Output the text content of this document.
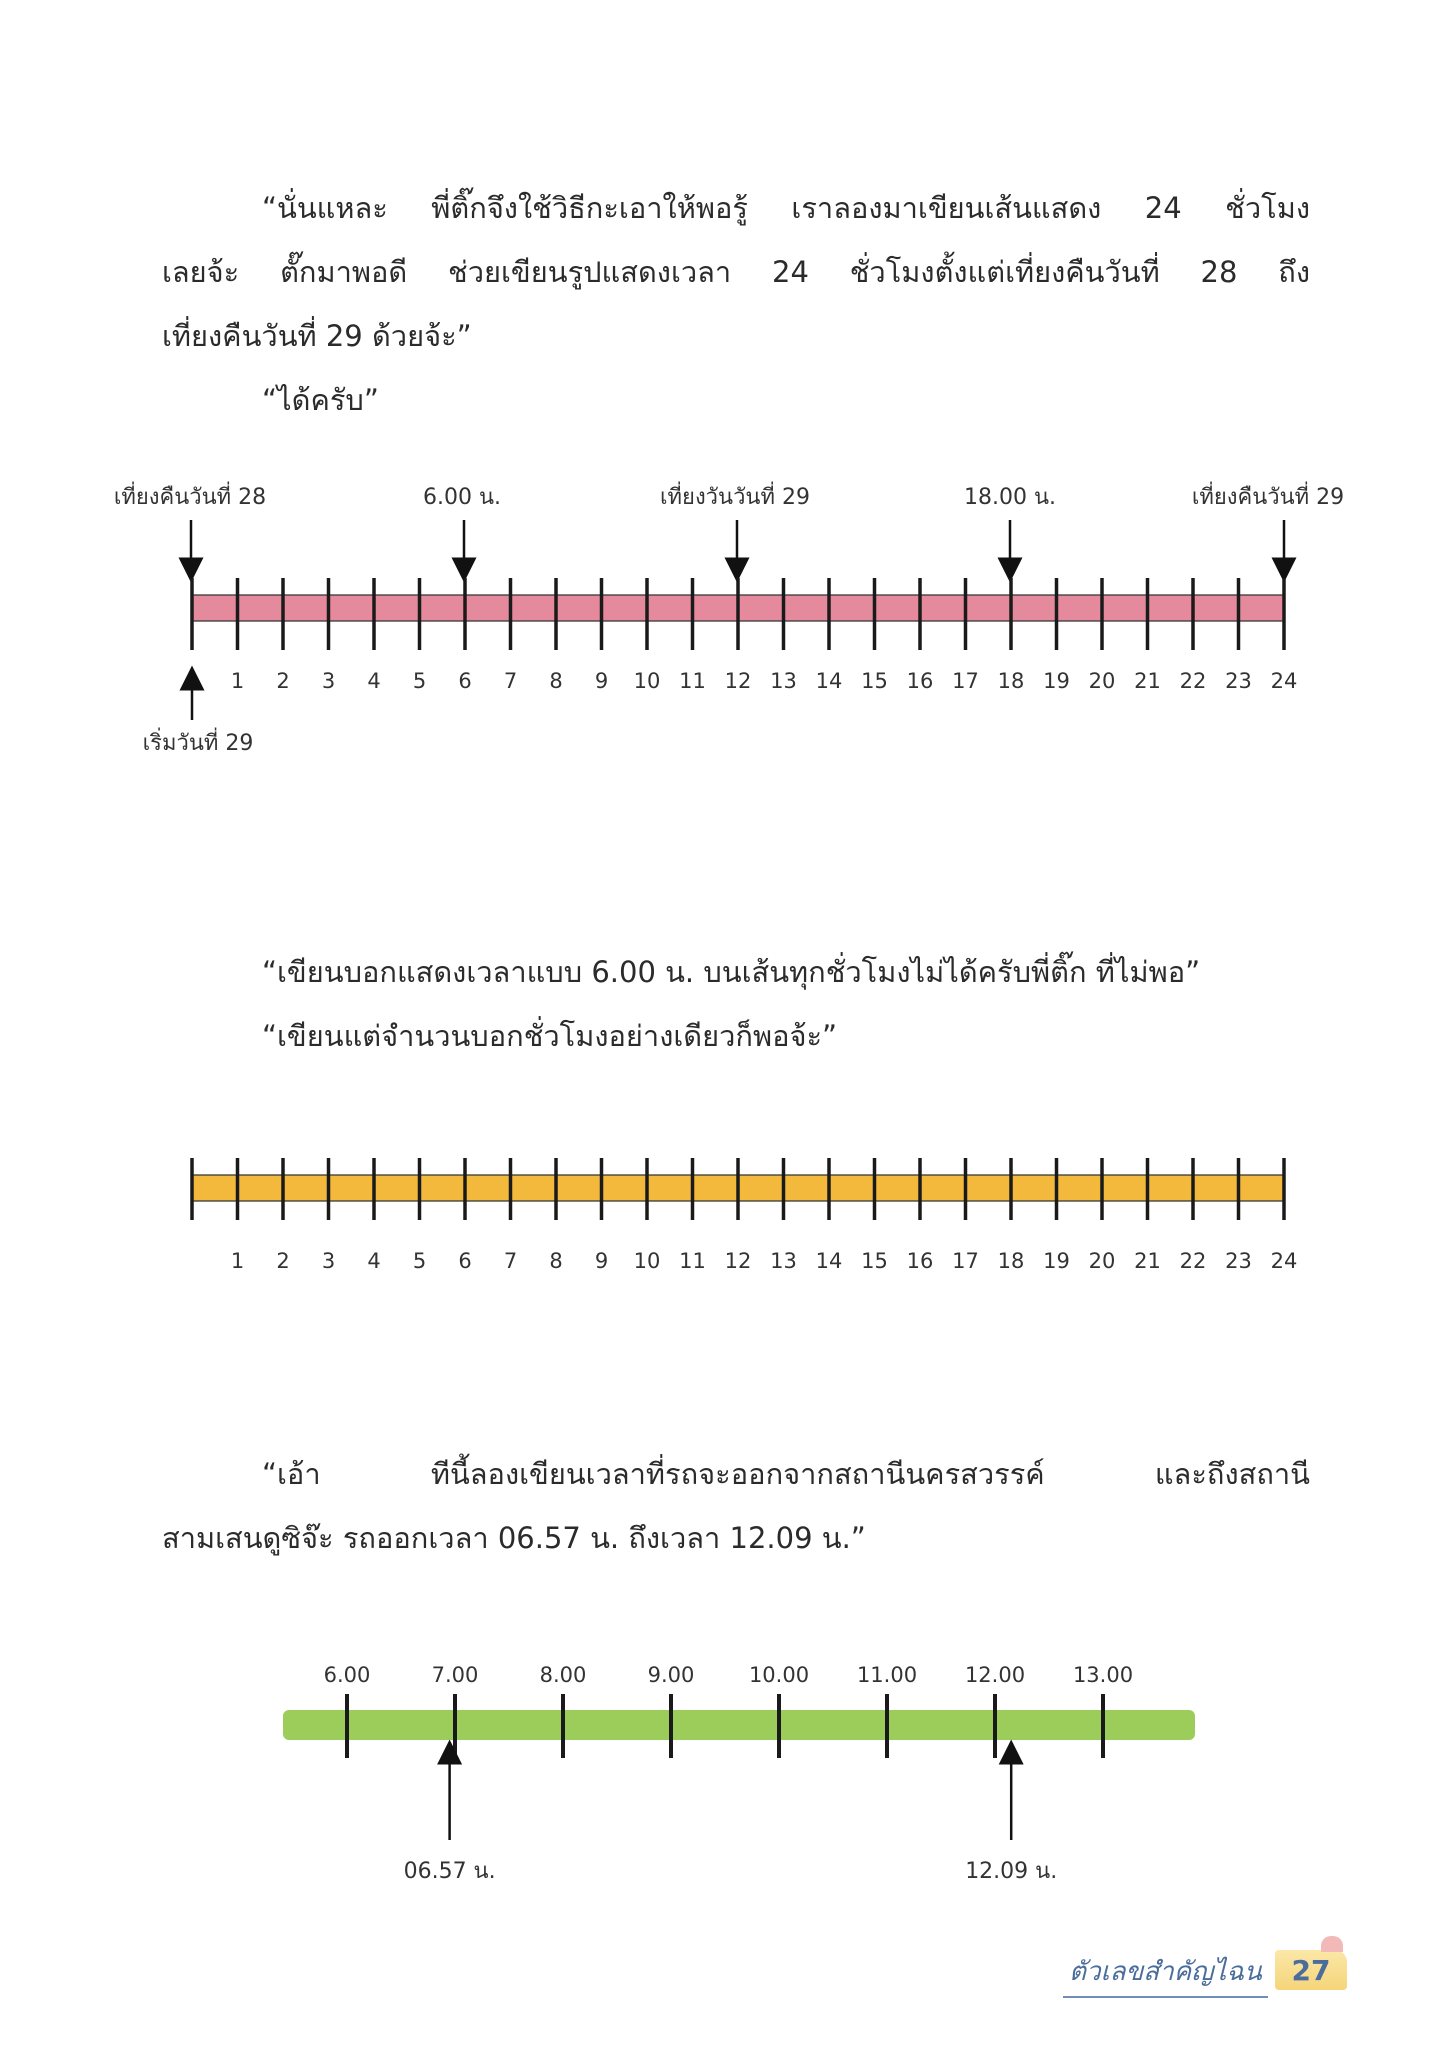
“นั่นแหละ พี่ติ๊กจึงใช้วิธีกะเอาให้พอรู้ เราลองมาเขียนเส้นแสดง 24 ชั่วโมง

เลยจ้ะ ตั๊กมาพอดี ช่วยเขียนรูปแสดงเวลา 24 ชั่วโมงตั้งแต่เที่ยงคืนวันที่ 28 ถึง

เที่ยงคืนวันที่ 29 ด้วยจ้ะ”

“ได้ครับ”

เที่ยงคืนวันที่ 28	6.00 น.	เที่ยงวันวันที่ 29	18.00 น.	เที่ยงคืนวันที่ 29
1 2 3 4 5 6 7 8 9 10 11 12 13 14 15 16 17 18 19 20 21 22 23 24
เริ่มวันที่ 29

“เขียนบอกแสดงเวลาแบบ 6.00 น. บนเส้นทุกชั่วโมงไม่ได้ครับพี่ติ๊ก ที่ไม่พอ”

“เขียนแต่จำนวนบอกชั่วโมงอย่างเดียวก็พอจ้ะ”

1 2 3 4 5 6 7 8 9 10 11 12 13 14 15 16 17 18 19 20 21 22 23 24

“เอ้า ทีนี้ลองเขียนเวลาที่รถจะออกจากสถานีนครสวรรค์ และถึงสถานี

สามเสนดูซิจ๊ะ รถออกเวลา 06.57 น. ถึงเวลา 12.09 น.”

6.00	7.00	8.00	9.00	10.00 11.00 12.00 13.00
06.57 น.	12.09 น.
ตัวเลขสำคัญไฉน	27
